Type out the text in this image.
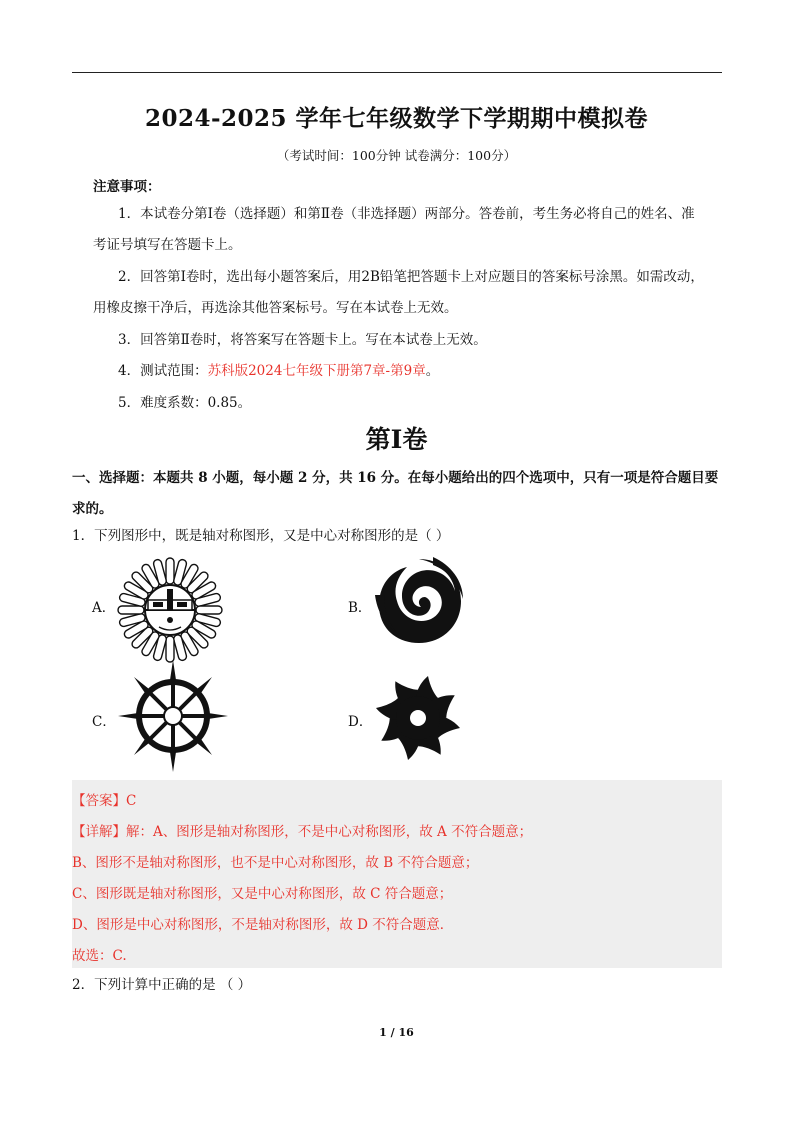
2024-2025 学年七年级数学下学期期中模拟卷
（考试时间：100分钟 试卷满分：100分）
注意事项：
1．本试卷分第Ⅰ卷（选择题）和第Ⅱ卷（非选择题）两部分。答卷前，考生务必将自己的姓名、准
考证号填写在答题卡上。
2．回答第Ⅰ卷时，选出每小题答案后，用2B铅笔把答题卡上对应题目的答案标号涂黑。如需改动，
用橡皮擦干净后，再选涂其他答案标号。写在本试卷上无效。
3．回答第Ⅱ卷时，将答案写在答题卡上。写在本试卷上无效。
4．测试范围：苏科版2024七年级下册第7章-第9章。
5．难度系数：0.85。
第Ⅰ卷
一、选择题：本题共 8 小题，每小题 2 分，共 16 分。在每小题给出的四个选项中，只有一项是符合题目要
求的。
1．下列图形中，既是轴对称图形，又是中心对称图形的是（ ）
A．	B．
C．	D．
【答案】C
【详解】解：A、图形是轴对称图形，不是中心对称图形，故 A 不符合题意；
B、图形不是轴对称图形，也不是中心对称图形，故 B 不符合题意；
C、图形既是轴对称图形，又是中心对称图形，故 C 符合题意；
D、图形是中心对称图形，不是轴对称图形，故 D 不符合题意．
故选：C.
2．下列计算中正确的是 （ ）
1 / 16
